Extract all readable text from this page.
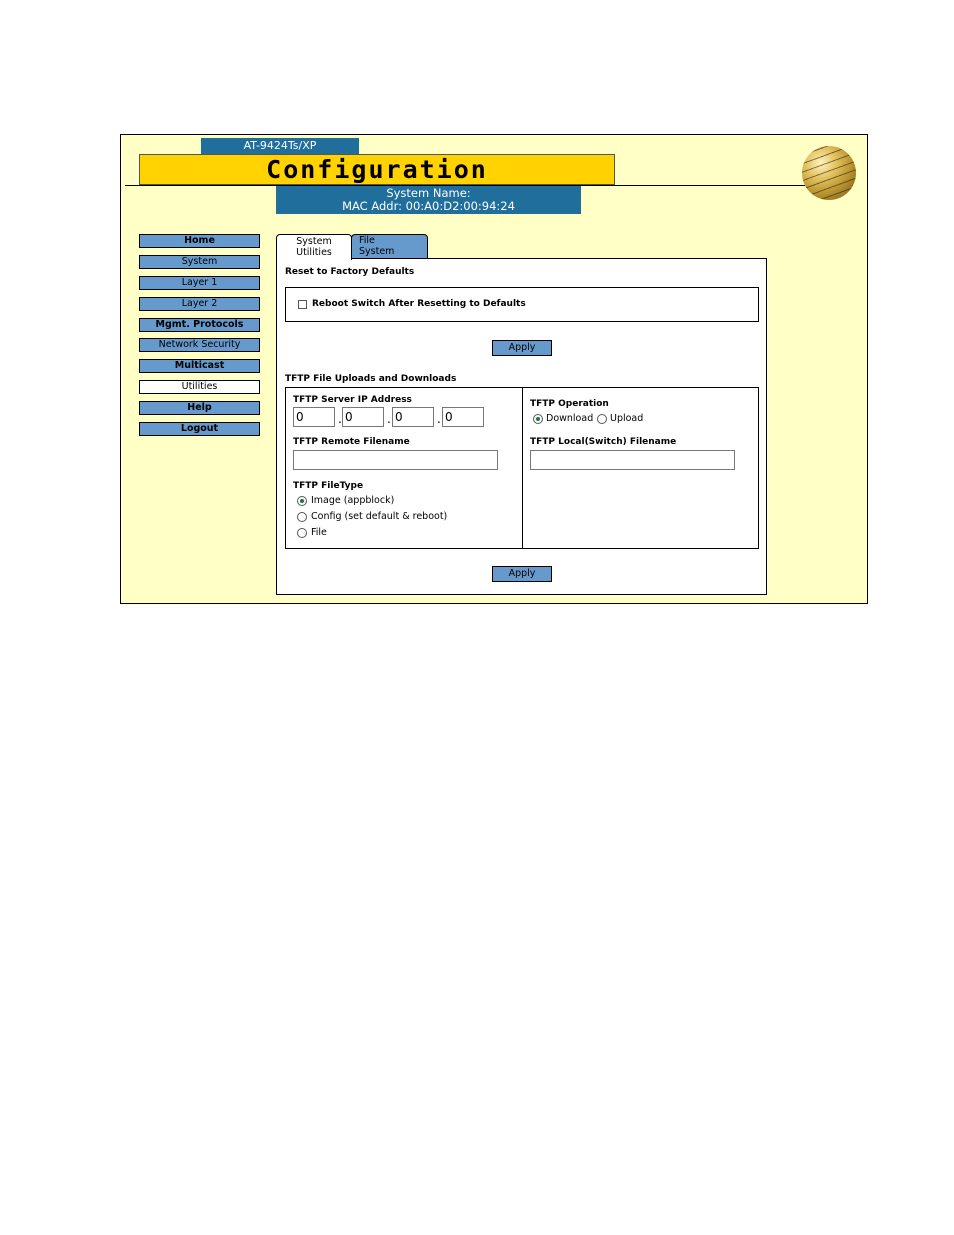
AT-9424Ts/XP
Configuration
System Name:
MAC Addr: 00:A0:D2:00:94:24
Home
System
Layer 1
Layer 2
Mgmt. Protocols
Network Security
Multicast
Utilities
Help
Logout
System
Utilities
File
System
Reset to Factory Defaults
Reboot Switch After Resetting to Defaults
Apply
TFTP File Uploads and Downloads
TFTP Server IP Address
0	. 0	. 0	. 0
TFTP Remote Filename
TFTP FileType
Image (appblock)
Config (set default & reboot)
File
TFTP Operation
Download Upload
TFTP Local(Switch) Filename
Apply
